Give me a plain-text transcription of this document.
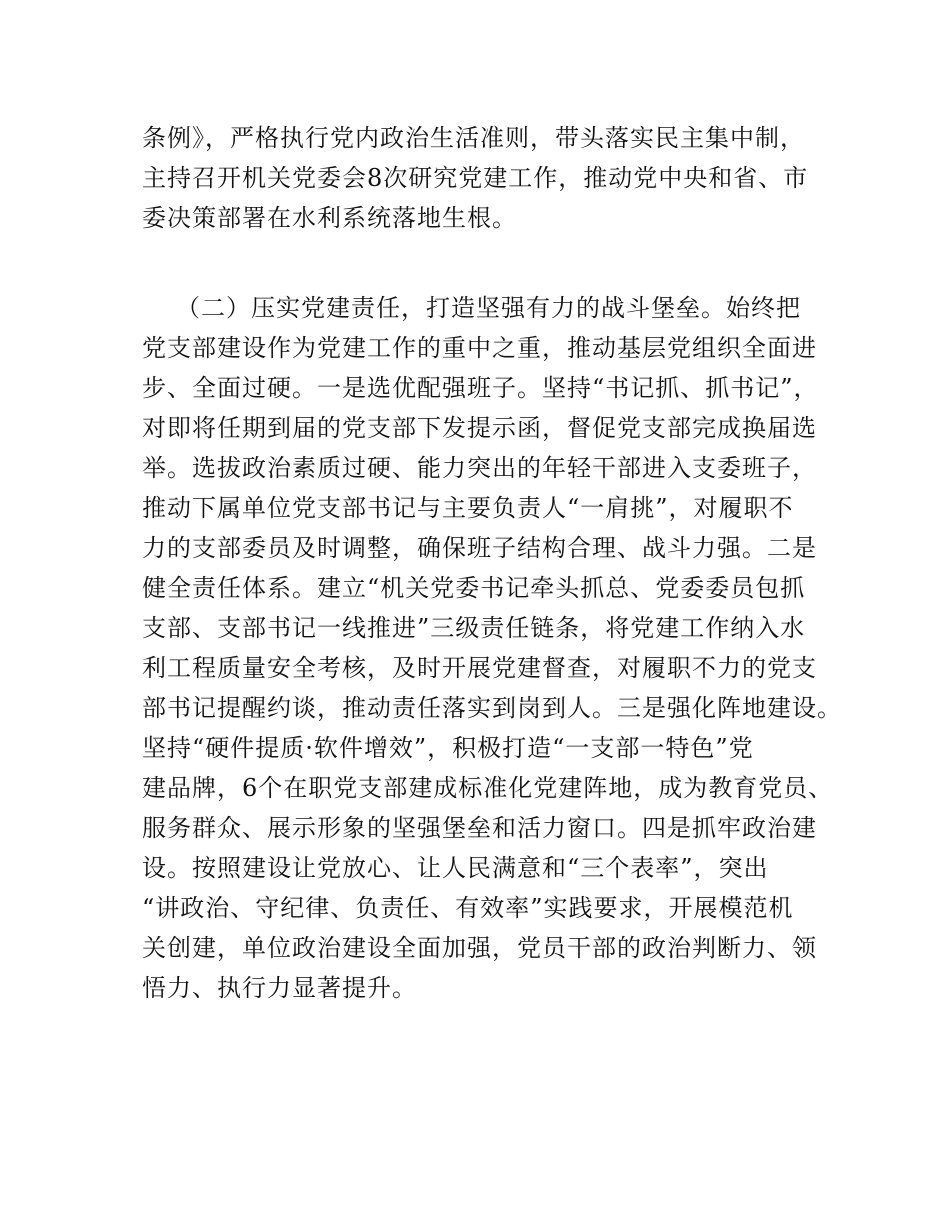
条例》，严格执行党内政治生活准则，带头落实民主集中制，
主持召开机关党委会8次研究党建工作，推动党中央和省、市
委决策部署在水利系统落地生根。
（二）压实党建责任，打造坚强有力的战斗堡垒。始终把
党支部建设作为党建工作的重中之重，推动基层党组织全面进
步、全面过硬。一是选优配强班子。坚持“书记抓、抓书记”，
对即将任期到届的党支部下发提示函，督促党支部完成换届选
举。选拔政治素质过硬、能力突出的年轻干部进入支委班子，
推动下属单位党支部书记与主要负责人“一肩挑”，对履职不
力的支部委员及时调整，确保班子结构合理、战斗力强。二是
健全责任体系。建立“机关党委书记牵头抓总、党委委员包抓
支部、支部书记一线推进”三级责任链条，将党建工作纳入水
利工程质量安全考核，及时开展党建督查，对履职不力的党支
部书记提醒约谈，推动责任落实到岗到人。三是强化阵地建设。
坚持“硬件提质·软件增效”，积极打造“一支部一特色”党
建品牌，6个在职党支部建成标准化党建阵地，成为教育党员、
服务群众、展示形象的坚强堡垒和活力窗口。四是抓牢政治建
设。按照建设让党放心、让人民满意和“三个表率”，突出
“讲政治、守纪律、负责任、有效率”实践要求，开展模范机
关创建，单位政治建设全面加强，党员干部的政治判断力、领
悟力、执行力显著提升。
